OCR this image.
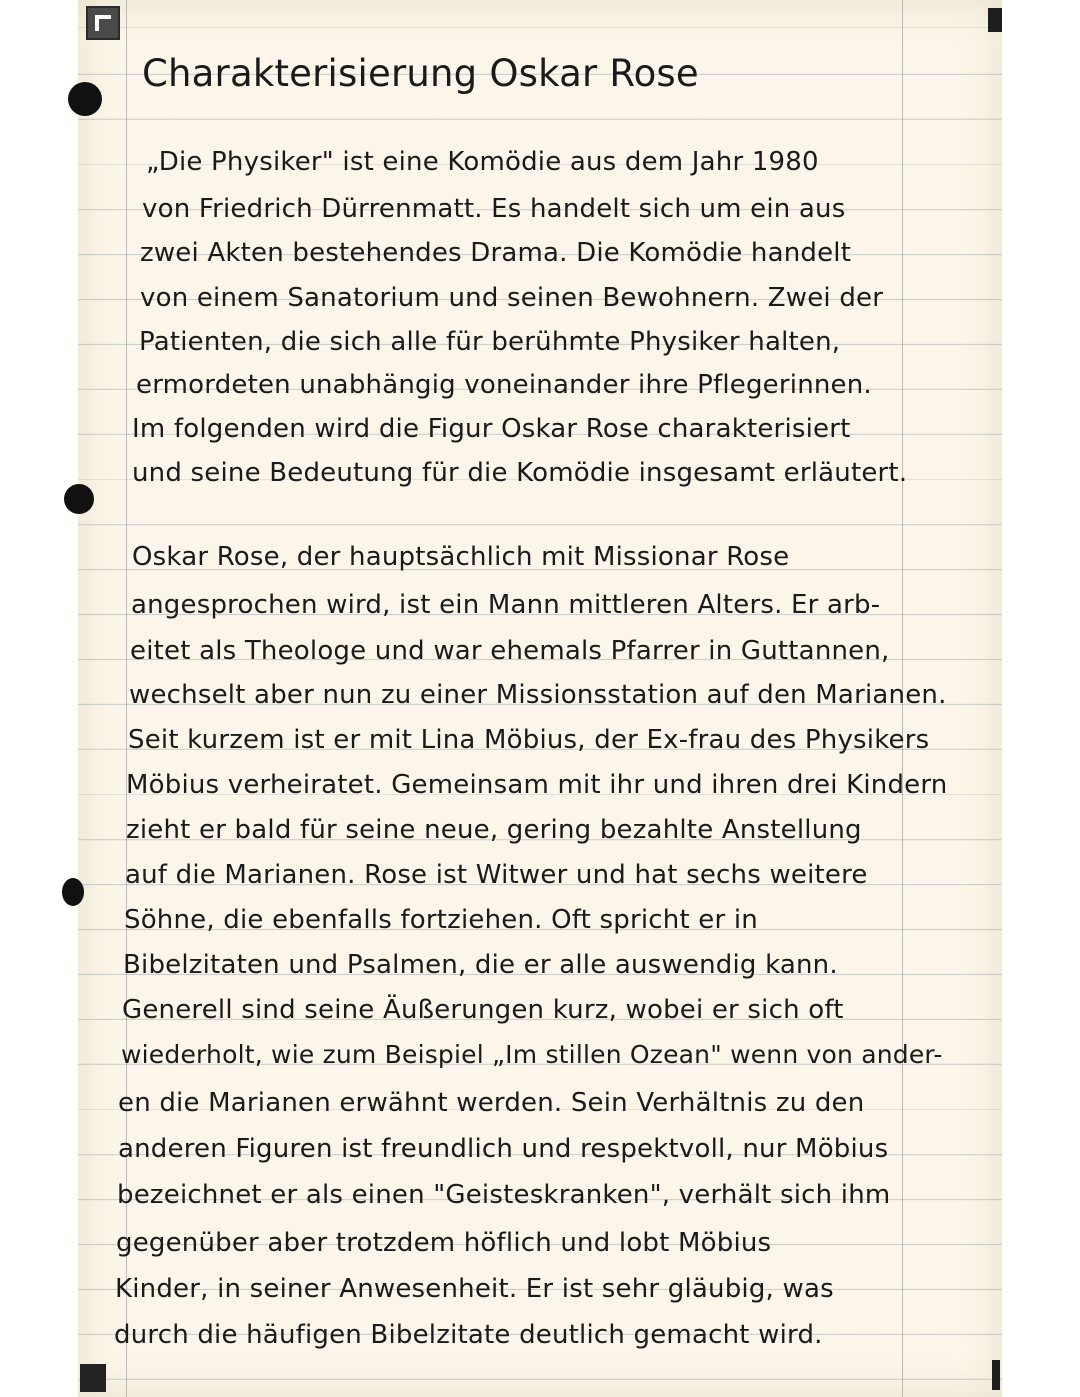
Charakterisierung Oskar Rose
„Die Physiker" ist eine Komödie aus dem Jahr 1980
von Friedrich Dürrenmatt. Es handelt sich um ein aus
zwei Akten bestehendes Drama. Die Komödie handelt
von einem Sanatorium und seinen Bewohnern. Zwei der
Patienten, die sich alle für berühmte Physiker halten,
ermordeten unabhängig voneinander ihre Pflegerinnen.
Im folgenden wird die Figur Oskar Rose charakterisiert
und seine Bedeutung für die Komödie insgesamt erläutert.
Oskar Rose, der hauptsächlich mit Missionar Rose
angesprochen wird, ist ein Mann mittleren Alters. Er arb-
eitet als Theologe und war ehemals Pfarrer in Guttannen,
wechselt aber nun zu einer Missionsstation auf den Marianen.
Seit kurzem ist er mit Lina Möbius, der Ex-frau des Physikers
Möbius verheiratet. Gemeinsam mit ihr und ihren drei Kindern
zieht er bald für seine neue, gering bezahlte Anstellung
auf die Marianen. Rose ist Witwer und hat sechs weitere
Söhne, die ebenfalls fortziehen. Oft spricht er in
Bibelzitaten und Psalmen, die er alle auswendig kann.
Generell sind seine Äußerungen kurz, wobei er sich oft
wiederholt, wie zum Beispiel „Im stillen Ozean" wenn von ander-
en die Marianen erwähnt werden. Sein Verhältnis zu den
anderen Figuren ist freundlich und respektvoll, nur Möbius
bezeichnet er als einen "Geisteskranken", verhält sich ihm
gegenüber aber trotzdem höflich und lobt Möbius
Kinder, in seiner Anwesenheit. Er ist sehr gläubig, was
durch die häufigen Bibelzitate deutlich gemacht wird.
